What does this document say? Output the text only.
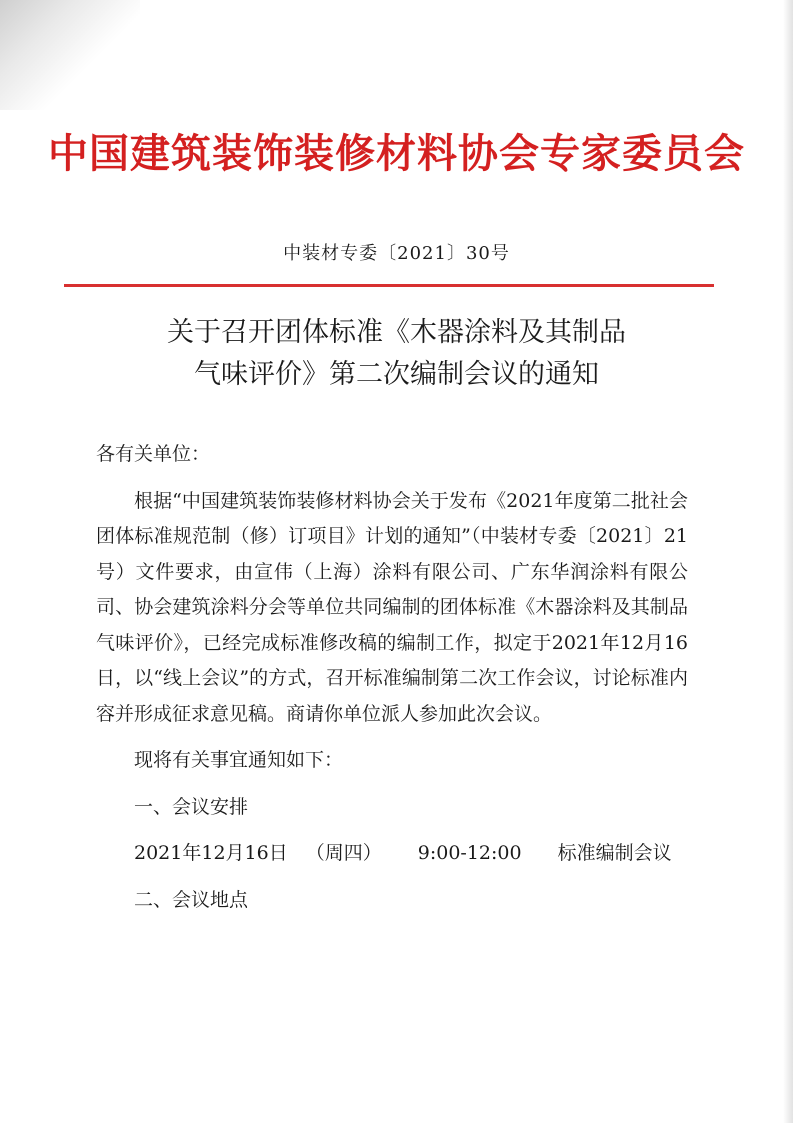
中国建筑装饰装修材料协会专家委员会
中装材专委〔2021〕30号
关于召开团体标准《木器涂料及其制品
气味评价》第二次编制会议的通知

各有关单位：

根据“中国建筑装饰装修材料协会关于发布《2021年度第二批社会团体标准规范制（修）订项目》计划的通知”（中装材专委〔2021〕21号）文件要求，由宣伟（上海）涂料有限公司、广东华润涂料有限公司、协会建筑涂料分会等单位共同编制的团体标准《木器涂料及其制品气味评价》，已经完成标准修改稿的编制工作，拟定于2021年12月16日，以“线上会议”的方式，召开标准编制第二次工作会议，讨论标准内容并形成征求意见稿。商请你单位派人参加此次会议。

现将有关事宜通知如下：

一、会议安排

2021年12月16日 （周四） 9:00-12:00 标准编制会议

二、会议地点
